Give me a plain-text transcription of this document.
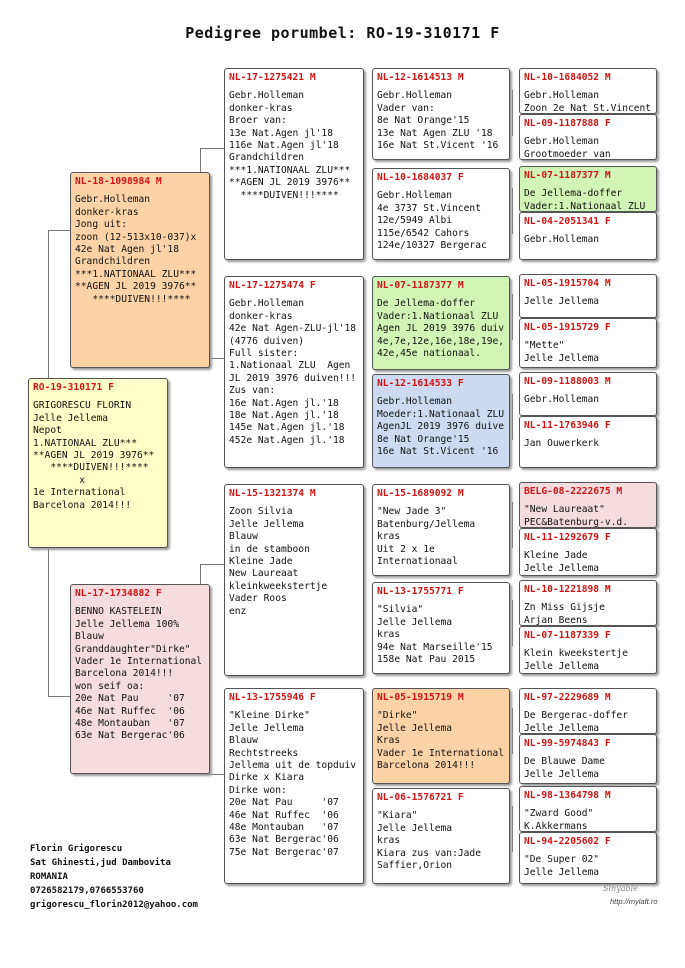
Pedigree porumbel: RO-19-310171 F
RO-19-310171 F
GRIGORESCU FLORIN
Jelle Jellema
Nepot
1.NATIONAAL ZLU***
**AGEN JL 2019 3976**
****DUIVEN!!!****
x
1e International
Barcelona 2014!!!
NL-18-1098984 M
Gebr.Holleman
donker-kras
Jong uit:
zoon (12-513x10-037)x
42e Nat Agen jl'18
Grandchildren
***1.NATIONAAL ZLU***
**AGEN JL 2019 3976**
****DUIVEN!!!****
NL-17-1734882 F
BENNO KASTELEIN
Jelle Jellema 100%
Blauw
Granddaughter"Dirke"
Vader 1e International
Barcelona 2014!!!
won seif oa:
20e Nat Pau     '07
46e Nat Ruffec  '06
48e Montauban   '07
63e Nat Bergerac'06
NL-17-1275421 M
Gebr.Holleman
donker-kras
Broer van:
13e Nat.Agen jl'18
116e Nat.Agen jl'18
Grandchildren
***1.NATIONAAL ZLU***
**AGEN JL 2019 3976**
****DUIVEN!!!****
NL-17-1275474 F
Gebr.Holleman
donker-kras
42e Nat Agen-ZLU-jl'18
(4776 duiven)
Full sister:
1.Nationaal ZLU  Agen
JL 2019 3976 duiven!!!
Zus van:
16e Nat.Agen jl.'18
18e Nat.Agen jl.'18
145e Nat.Agen jl.'18
452e Nat.Agen jl.'18
NL-15-1321374 M
Zoon Silvia
Jelle Jellema
Blauw
in de stamboon
Kleine Jade
New Laureaat
kleinkweekstertje
Vader Roos
enz
NL-13-1755946 F
"Kleine Dirke"
Jelle Jellema
Blauw
Rechtstreeks
Jellema uit de topduiv
Dirke x Kiara
Dirke won:
20e Nat Pau     '07
46e Nat Ruffec  '06
48e Montauban   '07
63e Nat Bergerac'06
75e Nat Bergerac'07
NL-12-1614513 M
Gebr.Holleman
Vader van:
8e Nat Orange'15
13e Nat Agen ZLU '18
16e Nat St.Vicent '16
NL-10-1684037 F
Gebr.Holleman
4e 3737 St.Vincent
12e/5949 Albi
115e/6542 Cahors
124e/10327 Bergerac
NL-07-1187377 M
De Jellema-doffer
Vader:1.Nationaal ZLU
Agen JL 2019 3976 duiv
4e,7e,12e,16e,18e,19e,
42e,45e nationaal.
NL-12-1614533 F
Gebr.Holleman
Moeder:1.Nationaal ZLU
AgenJL 2019 3976 duive
8e Nat Orange'15
16e Nat St.Vicent '16
NL-15-1689092 M
"New Jade 3"
Batenburg/Jellema
kras
Uit 2 x 1e
Internationaal
NL-13-1755771 F
"Silvia"
Jelle Jellema
kras
94e Nat Marseille'15
158e Nat Pau 2015
NL-05-1915719 M
"Dirke"
Jelle Jellema
Kras
Vader 1e International
Barcelona 2014!!!
NL-06-1576721 F
"Kiara"
Jelle Jellema
kras
Kiara zus van:Jade
Saffier,Orion
NL-10-1684052 M
Gebr.Holleman
Zoon 2e Nat St.Vincent
NL-09-1187888 F
Gebr.Holleman
Grootmoeder van
NL-07-1187377 M
De Jellema-doffer
Vader:1.Nationaal ZLU
NL-04-2051341 F
Gebr.Holleman
NL-05-1915704 M
Jelle Jellema
NL-05-1915729 F
"Mette"
Jelle Jellema
NL-09-1188003 M
Gebr.Holleman
NL-11-1763946 F
Jan Ouwerkerk
BELG-08-2222675 M
"New Laureaat"
PEC&Batenburg-v.d.
NL-11-1292679 F
Kleine Jade
Jelle Jellema
NL-10-1221898 M
Zn Miss Gijsje
Arjan Beens
NL-07-1187339 F
Klein kweekstertje
Jelle Jellema
NL-97-2229689 M
De Bergerac-doffer
Jelle Jellema
NL-99-5974843 F
De Blauwe Dame
Jelle Jellema
NL-98-1364798 M
"Zward Good"
K.Akkermans
NL-94-2205602 F
"De Super 02"
Jelle Jellema
Florin Grigorescu
Sat Ghinesti,jud Dambovita
ROMANIA
0726582179,0766553760
grigorescu_florin2012@yahoo.com
Sinyabie
http://mylaft.ro
